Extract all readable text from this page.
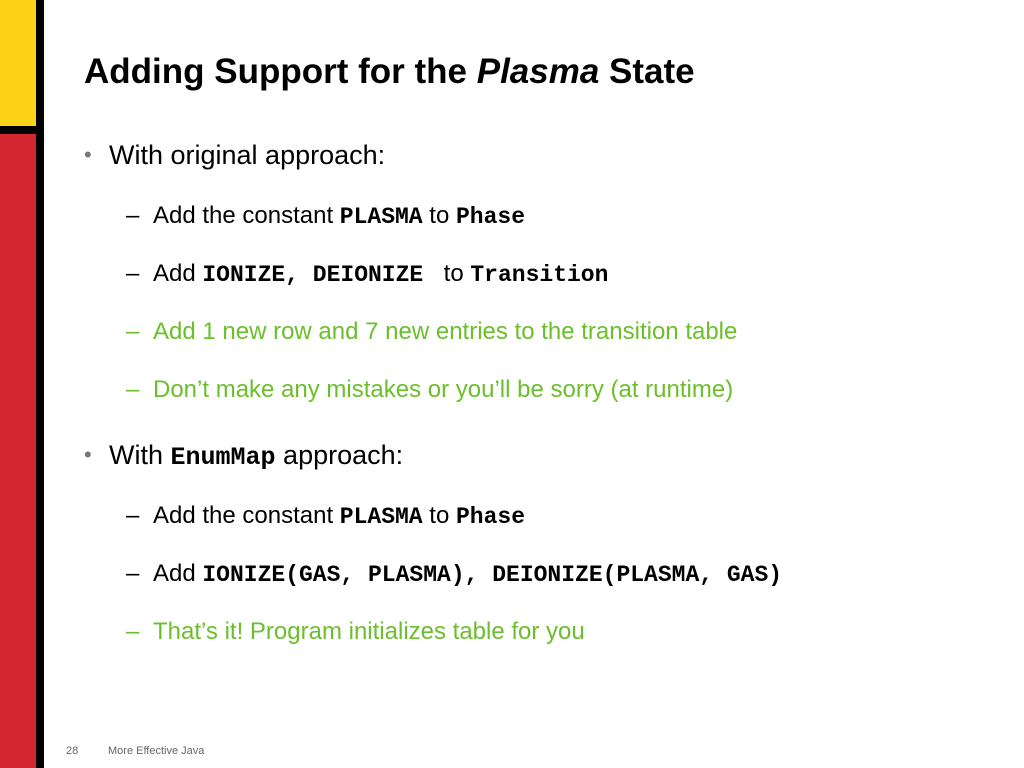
Adding Support for the Plasma State
• With original approach:
– Add the constant PLASMA to Phase
– Add IONIZE, DEIONIZE  to Transition
– Add 1 new row and 7 new entries to the transition table
– Don’t make any mistakes or you’ll be sorry (at runtime)
• With EnumMap approach:
– Add the constant PLASMA to Phase
– Add IONIZE(GAS, PLASMA), DEIONIZE(PLASMA, GAS)
– That’s it! Program initializes table for you
28	More Effective Java
